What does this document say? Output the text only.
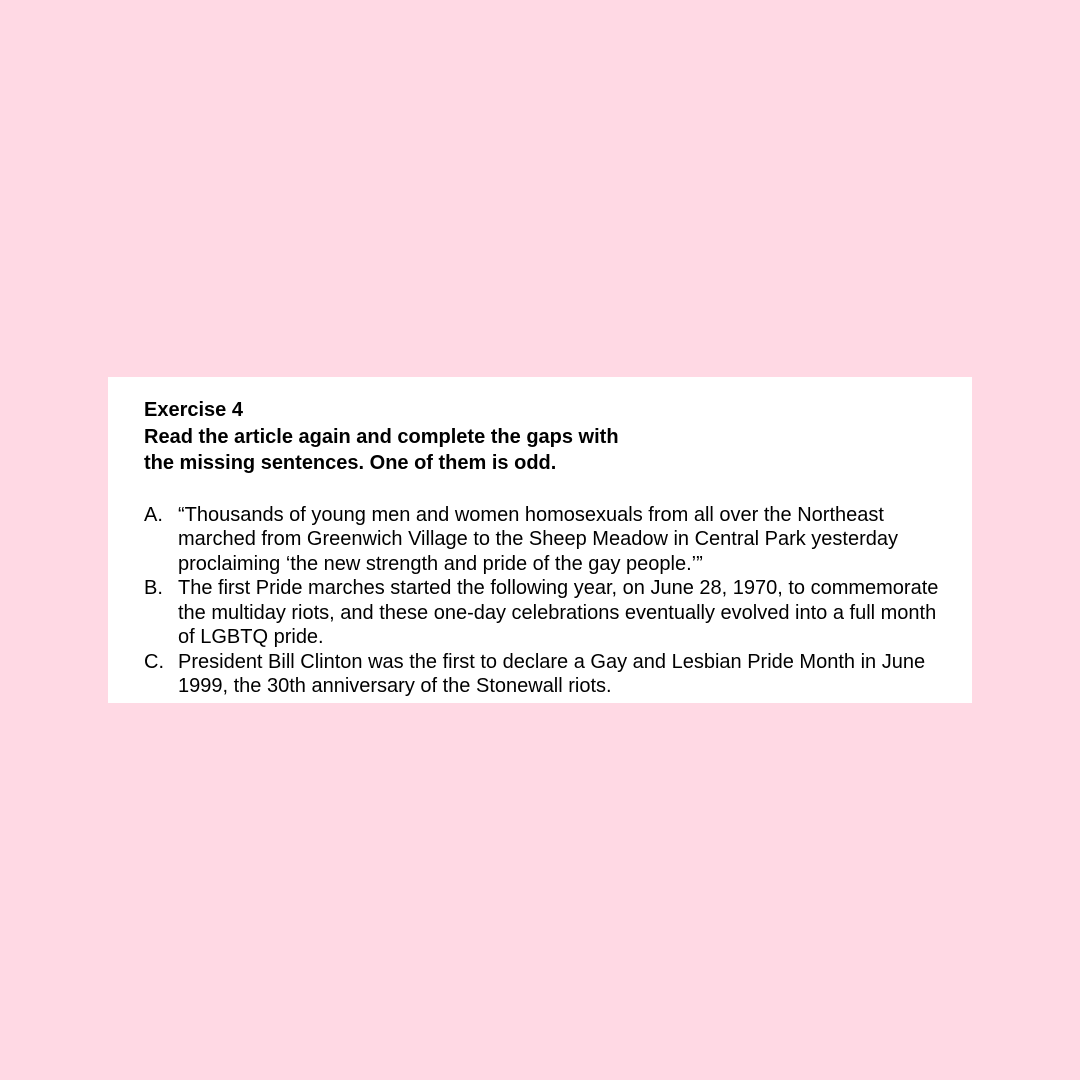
Exercise 4
Read the article again and complete the gaps with
the missing sentences. One of them is odd.
A. “Thousands of young men and women homosexuals from all over the Northeast marched from Greenwich Village to the Sheep Meadow in Central Park yesterday proclaiming ‘the new strength and pride of the gay people.’”
B. The first Pride marches started the following year, on June 28, 1970, to commemorate the multiday riots, and these one-day celebrations eventually evolved into a full month of LGBTQ pride.
C. President Bill Clinton was the first to declare a Gay and Lesbian Pride Month in June 1999, the 30th anniversary of the Stonewall riots.
